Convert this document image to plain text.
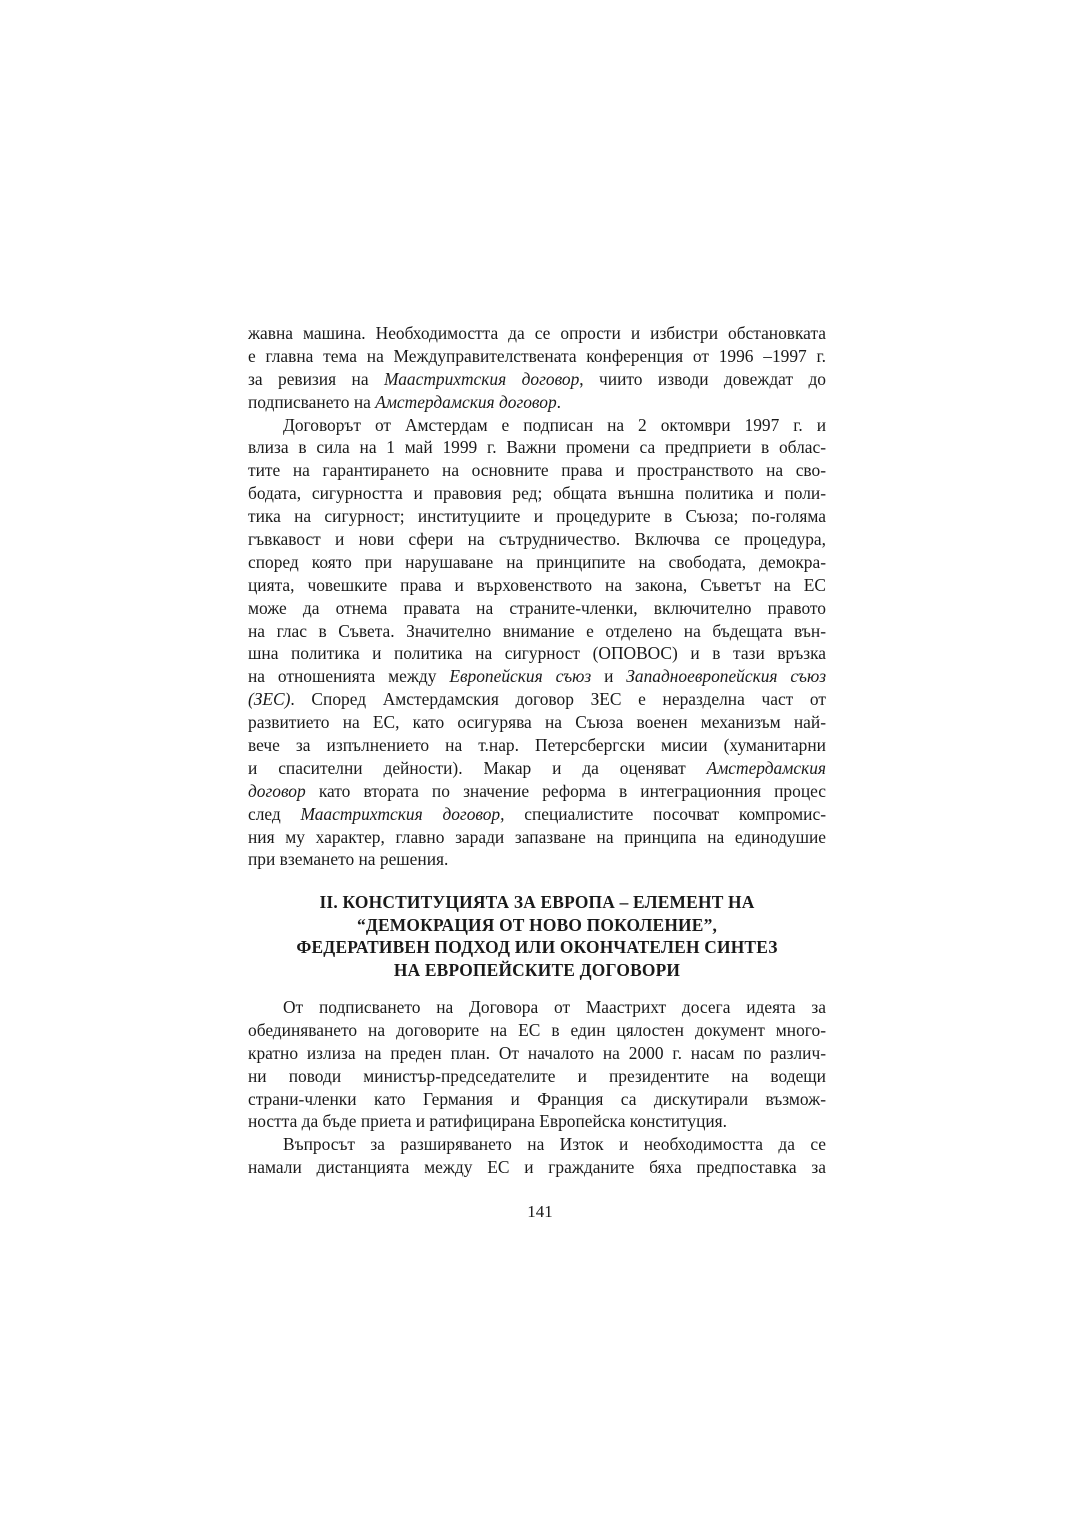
жавна машина. Необходимостта да се опрости и избистри обстановката
е главна тема на Междуправителствената конференция от 1996 –1997 г.
за ревизия на Маастрихтския договор, чиито изводи довеждат до
подписването на Амстердамския договор.
Договорът от Амстердам е подписан на 2 октомври 1997 г. и
влиза в сила на 1 май 1999 г. Важни промени са предприети в облас-
тите на гарантирането на основните права и пространството на сво-
бодата, сигурността и правовия ред; общата външна политика и поли-
тика на сигурност; институциите и процедурите в Съюза; по-голяма
гъвкавост и нови сфери на сътрудничество. Включва се процедура,
според която при нарушаване на принципите на свободата, демокра-
цията, човешките права и върховенството на закона, Съветът на ЕС
може да отнема правата на страните-членки, включително правото
на глас в Съвета. Значително внимание е отделено на бъдещата вън-
шна политика и политика на сигурност (ОПОВОС) и в тази връзка
на отношенията между Европейския съюз и Западноевропейския съюз
(ЗЕС). Според Амстердамския договор ЗЕС е неразделна част от
развитието на ЕС, като осигурява на Съюза военен механизъм най-
вече за изпълнението на т.нар. Петерсбергски мисии (хуманитарни
и спасителни дейности). Макар и да оценяват Амстердамския
договор като втората по значение реформа в интеграционния процес
след Маастрихтския договор, специалистите посочват компромис-
ния му характер, главно заради запазване на принципа на единодушие
при вземането на решения.
II. КОНСТИТУЦИЯТА ЗА ЕВРОПА – ЕЛЕМЕНТ НА
“ДЕМОКРАЦИЯ ОТ НОВО ПОКОЛЕНИЕ”,
ФЕДЕРАТИВЕН ПОДХОД ИЛИ ОКОНЧАТЕЛЕН СИНТЕЗ
НА ЕВРОПЕЙСКИТЕ ДОГОВОРИ
От подписването на Договора от Маастрихт досега идеята за
обединяването на договорите на ЕС в един цялостен документ много-
кратно излиза на преден план. От началото на 2000 г. насам по различ-
ни поводи министър-председателите и президентите на водещи
страни-членки като Германия и Франция са дискутирали възмож-
ността да бъде приета и ратифицирана Европейска конституция.
Въпросът за разширяването на Изток и необходимостта да се
намали дистанцията между ЕС и гражданите бяха предпоставка за
141
